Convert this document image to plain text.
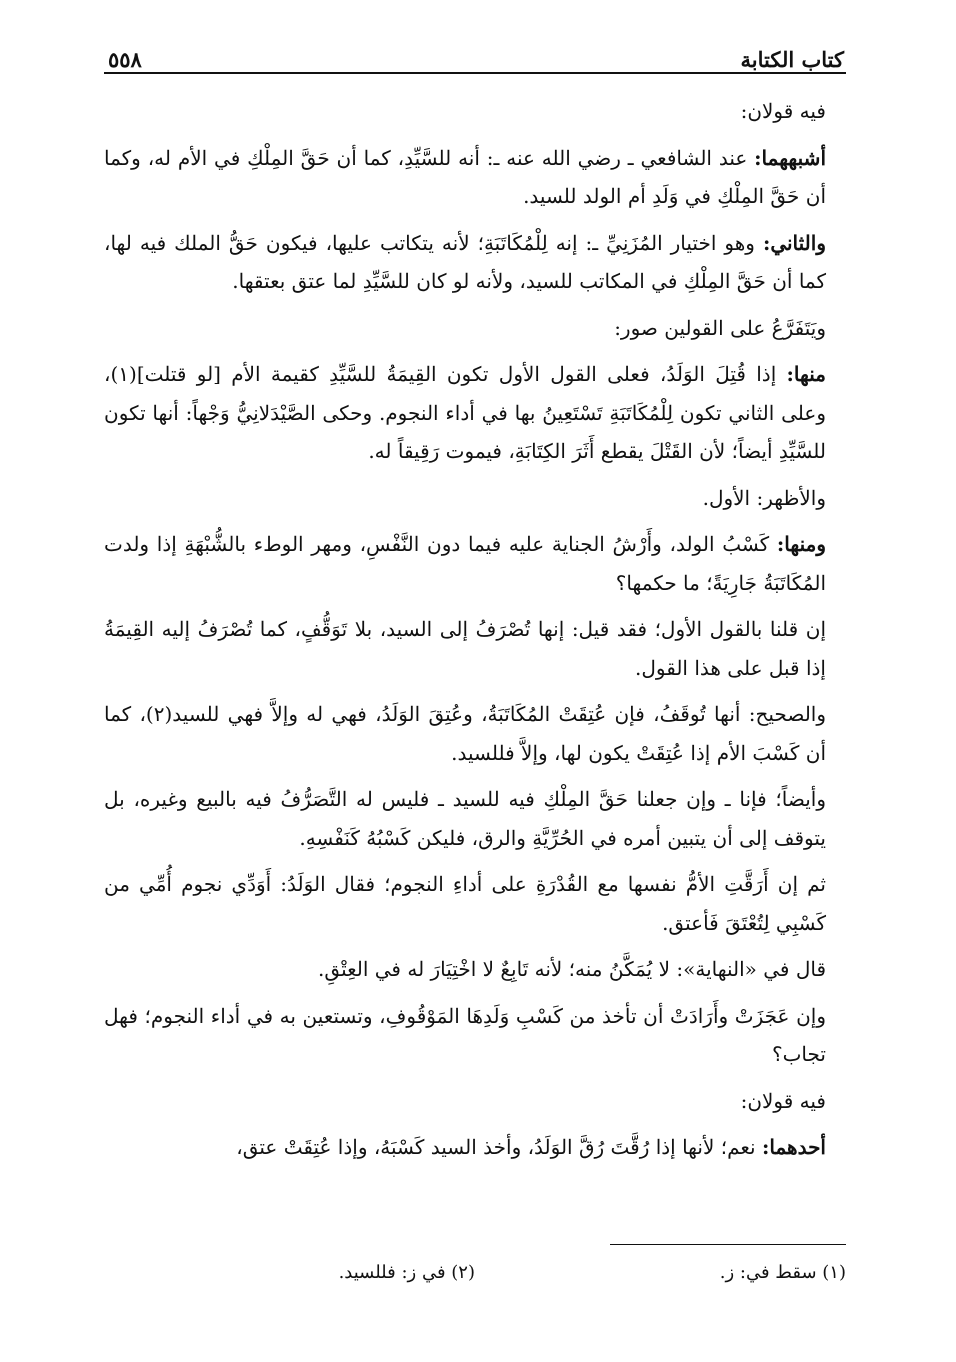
كتاب الكتابة
٥٥٨

فيه قولان:

أشبههما: عند الشافعي ـ رضي الله عنه ـ: أنه للسَّيِّدِ، كما أن حَقَّ المِلْكِ في الأم له، وكما أن حَقَّ المِلْكِ في وَلَدِ أم الولد للسيد.

والثاني: وهو اختيار المُزَنِيِّ ـ: إنه لِلْمُكَاتَبَةِ؛ لأنه يتكاتب عليها، فيكون حَقُّ الملك فيه لها، كما أن حَقَّ المِلْكِ في المكاتب للسيد، ولأنه لو كان للسَّيِّدِ لما عتق بعتقها.

ويَتَفَرَّعُ على القولين صور:

منها: إذا قُتِلَ الوَلَدُ، فعلى القول الأول تكون القِيمَةُ للسَّيِّدِ كقيمة الأم [لو قتلت](١)، وعلى الثاني تكون لِلْمُكَاتَبَةِ تَسْتَعِينُ بها في أداء النجوم. وحكى الصَّيْدَلانِيُّ وَجْهاً: أنها تكون للسَّيِّدِ أيضاً؛ لأن القَتْلَ يقطع أَثَرَ الكِتَابَةِ، فيموت رَقِيقاً له.

والأظهر: الأول.

ومنها: كَسْبُ الولد، وأَرْشُ الجناية عليه فيما دون النَّفْسِ، ومهر الوطء بالشُّبْهَةِ إذا ولدت المُكَاتَبَةُ جَارِيَةً؛ ما حكمها؟

إن قلنا بالقول الأول؛ فقد قيل: إنها تُصْرَفُ إلى السيد، بلا تَوَقُّفٍ، كما تُصْرَفُ إليه القِيمَةُ إذا قبل على هذا القول.

والصحيح: أنها تُوقَفُ، فإن عُتِقَتْ المُكَاتَبَةُ، وعُتِقَ الوَلَدُ، فهي له وإلاَّ فهي للسيد(٢)، كما أن كَسْبَ الأم إذا عُتِقَتْ يكون لها، وإلاَّ فللسيد.

وأيضاً؛ فإنا ـ وإن جعلنا حَقَّ المِلْكِ فيه للسيد ـ فليس له التَّصَرُّفُ فيه بالبيع وغيره، بل يتوقف إلى أن يتبين أمره في الحُرِّيَّةِ والرق، فليكن كَسْبُهُ كَنَفْسِهِ.

ثم إن أَرَقَّتِ الأمُّ نفسها مع القُدْرَةِ على أداءِ النجوم؛ فقال الوَلَدُ: أَوَدِّي نجوم أُمِّي من كَسْبِي لِتُعْتَقَ فَأعتق.

قال في «النهاية»: لا يُمَكَّنُ منه؛ لأنه تَابِعٌ لا اخْتِيَارَ له في العِتْقِ.

وإن عَجَزَتْ وأَرَادَتْ أن تأخذ من كَسْبِ وَلَدِهَا المَوْقُوفِ، وتستعين به في أداء النجوم؛ فهل تجاب؟

فيه قولان:

أحدهما: نعم؛ لأنها إذا رُقَّتَ رُقَّ الوَلَدُ، وأخذ السيد كَسْبَهُ، وإذا عُتِقَتْ عتق،

(١) سقط في: ز.
(٢) في ز: فللسيد.
